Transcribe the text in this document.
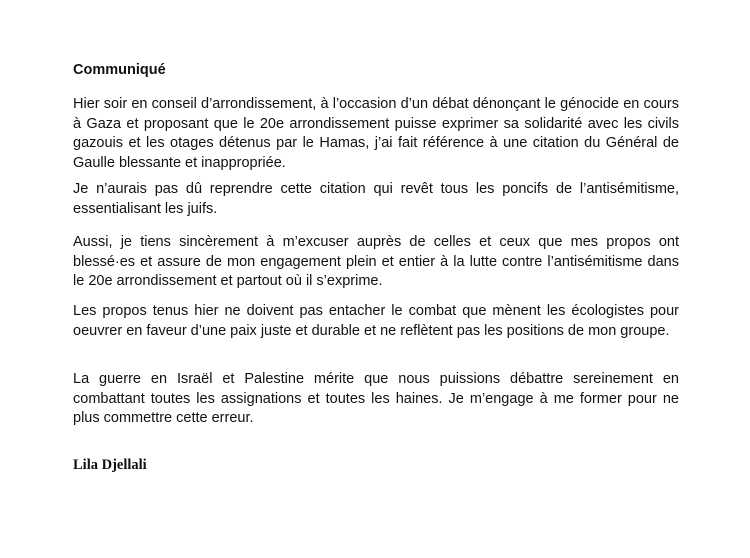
Communiqué

Hier soir en conseil d’arrondissement, à l’occasion d’un débat dénonçant le génocide en cours à Gaza et proposant que le 20e arrondissement puisse exprimer sa solidarité avec les civils gazouis et les otages détenus par le Hamas, j’ai fait référence à une citation du Général de Gaulle blessante et inappropriée.

Je n’aurais pas dû reprendre cette citation qui revêt tous les poncifs de l’antisémitisme, essentialisant les juifs.

Aussi, je tiens sincèrement à m’excuser auprès de celles et ceux que mes propos ont blessé·es et assure de mon engagement plein et entier à la lutte contre l’antisémitisme dans le 20e arrondissement et partout où il s’exprime.

Les propos tenus hier ne doivent pas entacher le combat que mènent les écologistes pour oeuvrer en faveur d’une paix juste et durable et ne reflètent pas les positions de mon groupe.

La guerre en Israël et Palestine mérite que nous puissions débattre sereinement en combattant toutes les assignations et toutes les haines. Je m’engage à me former pour ne plus commettre cette erreur.

Lila Djellali
